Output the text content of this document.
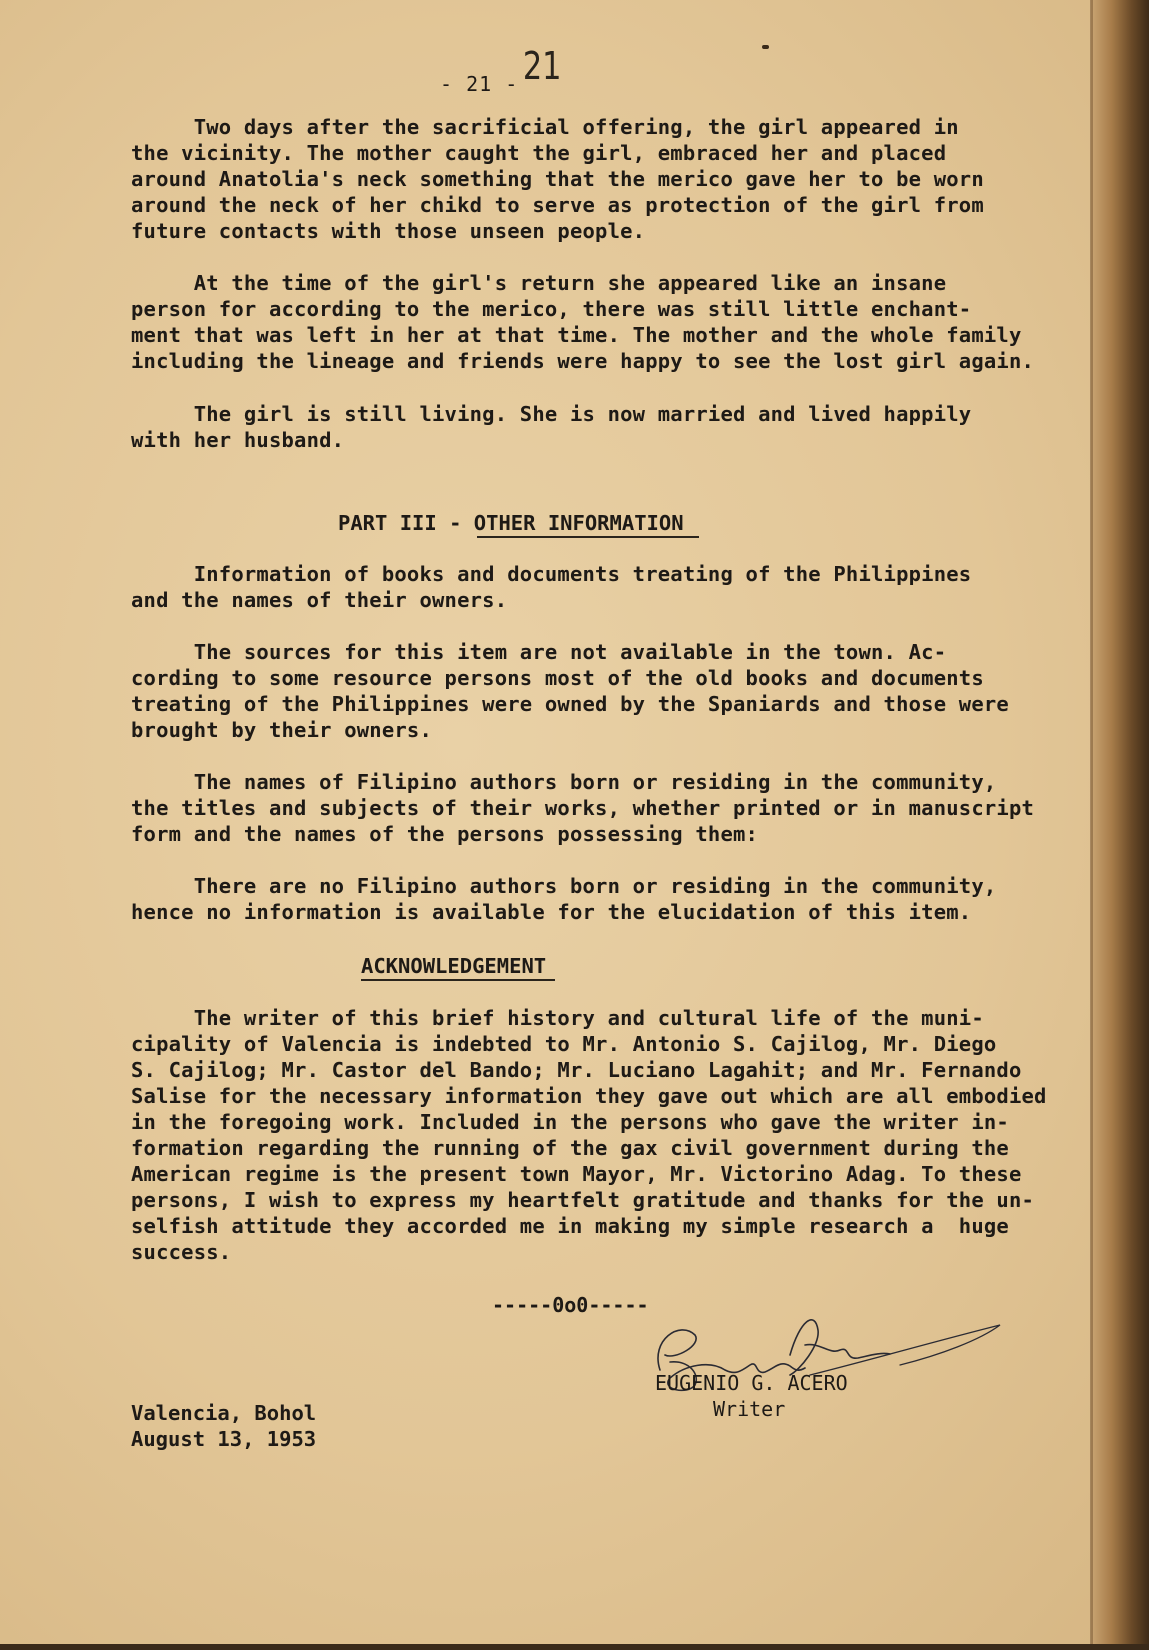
- 21 - 21
Two days after the sacrificial offering, the girl appeared in
the vicinity. The mother caught the girl, embraced her and placed
around Anatolia's neck something that the merico gave her to be worn
around the neck of her chikd to serve as protection of the girl from
future contacts with those unseen people.
At the time of the girl's return she appeared like an insane
person for according to the merico, there was still little enchant-
ment that was left in her at that time. The mother and the whole family
including the lineage and friends were happy to see the lost girl again.
The girl is still living. She is now married and lived happily
with her husband.
PART III - OTHER INFORMATION
Information of books and documents treating of the Philippines
and the names of their owners.
The sources for this item are not available in the town. Ac-
cording to some resource persons most of the old books and documents
treating of the Philippines were owned by the Spaniards and those were
brought by their owners.
The names of Filipino authors born or residing in the community,
the titles and subjects of their works, whether printed or in manuscript
form and the names of the persons possessing them:
There are no Filipino authors born or residing in the community,
hence no information is available for the elucidation of this item.
ACKNOWLEDGEMENT
The writer of this brief history and cultural life of the muni-
cipality of Valencia is indebted to Mr. Antonio S. Cajilog, Mr. Diego
S. Cajilog; Mr. Castor del Bando; Mr. Luciano Lagahit; and Mr. Fernando
Salise for the necessary information they gave out which are all embodied
in the foregoing work. Included in the persons who gave the writer in-
formation regarding the running of the gax civil government during the
American regime is the present town Mayor, Mr. Victorino Adag. To these
persons, I wish to express my heartfelt gratitude and thanks for the un-
selfish attitude they accorded me in making my simple research a  huge
success.
-----0o0-----
EUGENIO G. ACERO
Writer
Valencia, Bohol
August 13, 1953
